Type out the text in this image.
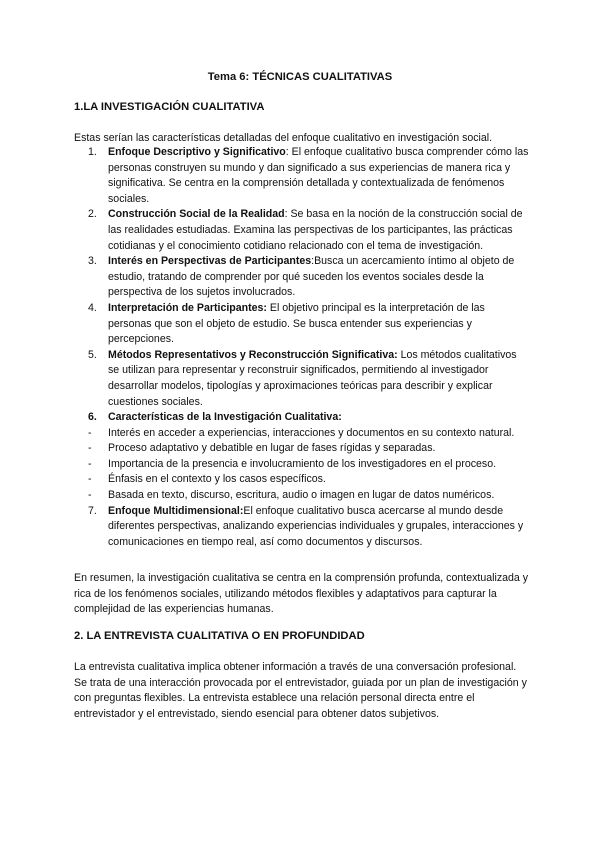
Tema 6: TÉCNICAS CUALITATIVAS
1.LA INVESTIGACIÓN CUALITATIVA
Estas serían las características detalladas del enfoque cualitativo en investigación social.
1. Enfoque Descriptivo y Significativo: El enfoque cualitativo busca comprender cómo las personas construyen su mundo y dan significado a sus experiencias de manera rica y significativa. Se centra en la comprensión detallada y contextualizada de fenómenos sociales.
2. Construcción Social de la Realidad: Se basa en la noción de la construcción social de las realidades estudiadas. Examina las perspectivas de los participantes, las prácticas cotidianas y el conocimiento cotidiano relacionado con el tema de investigación.
3. Interés en Perspectivas de Participantes:Busca un acercamiento íntimo al objeto de estudio, tratando de comprender por qué suceden los eventos sociales desde la perspectiva de los sujetos involucrados.
4. Interpretación de Participantes: El objetivo principal es la interpretación de las personas que son el objeto de estudio. Se busca entender sus experiencias y percepciones.
5. Métodos Representativos y Reconstrucción Significativa: Los métodos cualitativos se utilizan para representar y reconstruir significados, permitiendo al investigador desarrollar modelos, tipologías y aproximaciones teóricas para describir y explicar cuestiones sociales.
6. Características de la Investigación Cualitativa:
- Interés en acceder a experiencias, interacciones y documentos en su contexto natural.
- Proceso adaptativo y debatible en lugar de fases rígidas y separadas.
- Importancia de la presencia e involucramiento de los investigadores en el proceso.
- Énfasis en el contexto y los casos específicos.
- Basada en texto, discurso, escritura, audio o imagen en lugar de datos numéricos.
7. Enfoque Multidimensional:El enfoque cualitativo busca acercarse al mundo desde diferentes perspectivas, analizando experiencias individuales y grupales, interacciones y comunicaciones en tiempo real, así como documentos y discursos.
En resumen, la investigación cualitativa se centra en la comprensión profunda, contextualizada y rica de los fenómenos sociales, utilizando métodos flexibles y adaptativos para capturar la complejidad de las experiencias humanas.
2. LA ENTREVISTA CUALITATIVA O EN PROFUNDIDAD
La entrevista cualitativa implica obtener información a través de una conversación profesional. Se trata de una interacción provocada por el entrevistador, guiada por un plan de investigación y con preguntas flexibles. La entrevista establece una relación personal directa entre el entrevistador y el entrevistado, siendo esencial para obtener datos subjetivos.
